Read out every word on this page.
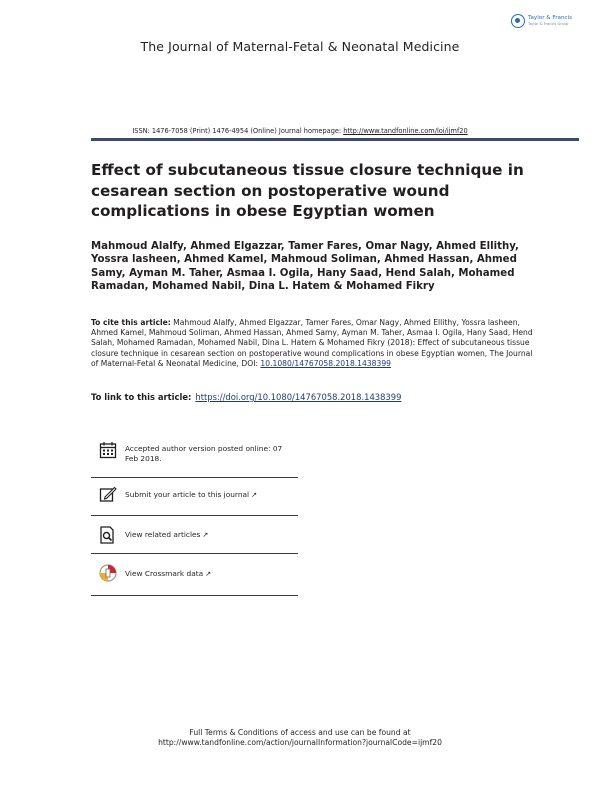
Taylor & Francis
Taylor & Francis Group
The Journal of Maternal-Fetal & Neonatal Medicine
ISSN: 1476-7058 (Print) 1476-4954 (Online) Journal homepage: http://www.tandfonline.com/loi/ijmf20
Effect of subcutaneous tissue closure technique in cesarean section on postoperative wound complications in obese Egyptian women
Mahmoud Alalfy, Ahmed Elgazzar, Tamer Fares, Omar Nagy, Ahmed Ellithy, Yossra lasheen, Ahmed Kamel, Mahmoud Soliman, Ahmed Hassan, Ahmed Samy, Ayman M. Taher, Asmaa I. Ogila, Hany Saad, Hend Salah, Mohamed Ramadan, Mohamed Nabil, Dina L. Hatem & Mohamed Fikry
To cite this article: Mahmoud Alalfy, Ahmed Elgazzar, Tamer Fares, Omar Nagy, Ahmed Ellithy, Yossra lasheen, Ahmed Kamel, Mahmoud Soliman, Ahmed Hassan, Ahmed Samy, Ayman M. Taher, Asmaa I. Ogila, Hany Saad, Hend Salah, Mohamed Ramadan, Mohamed Nabil, Dina L. Hatem & Mohamed Fikry (2018): Effect of subcutaneous tissue closure technique in cesarean section on postoperative wound complications in obese Egyptian women, The Journal of Maternal-Fetal & Neonatal Medicine, DOI: 10.1080/14767058.2018.1438399
To link to this article: https://doi.org/10.1080/14767058.2018.1438399
Accepted author version posted online: 07 Feb 2018.
Submit your article to this journal ↗
View related articles ↗
View Crossmark data ↗
Full Terms & Conditions of access and use can be found at
http://www.tandfonline.com/action/journalInformation?journalCode=ijmf20
